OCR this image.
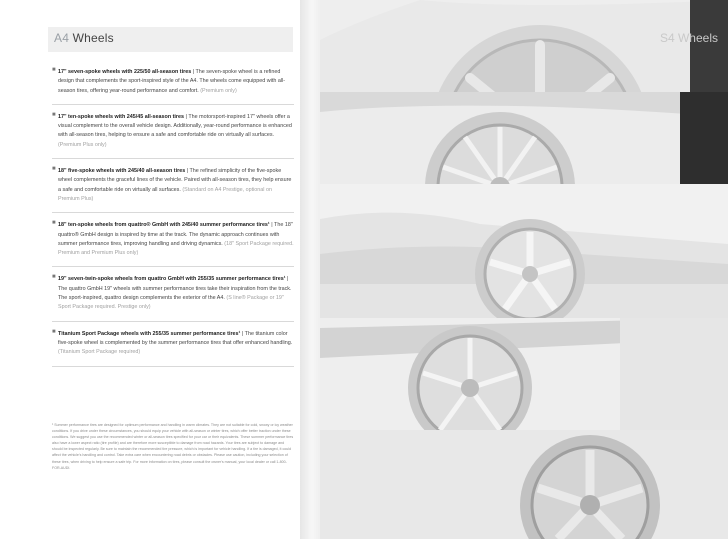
A4 Wheels
■ 17" seven-spoke wheels with 225/50 all-season tires | The seven-spoke wheel is a refined design that complements the sport-inspired style of the A4. The wheels come equipped with all-season tires, offering year-round performance and comfort. (Premium only)

■ 17" ten-spoke wheels with 245/45 all-season tires | The motorsport-inspired 17" wheels offer a visual complement to the overall vehicle design. Additionally, year-round performance is enhanced with all-season tires, helping to ensure a safe and comfortable ride on virtually all surfaces. (Premium Plus only)

■ 18" five-spoke wheels with 245/40 all-season tires | The refined simplicity of the five-spoke wheel complements the graceful lines of the vehicle. Paired with all-season tires, they help ensure a safe and comfortable ride on virtually all surfaces. (Standard on A4 Prestige, optional on Premium Plus)

■ 18" ten-spoke wheels from quattro® GmbH with 245/40 summer performance tires¹ | The 18" quattro® GmbH design is inspired by time at the track. The dynamic approach continues with summer performance tires, improving handling and driving dynamics. (18" Sport Package required. Premium and Premium Plus only)

■ 19" seven-twin-spoke wheels from quattro GmbH with 255/35 summer performance tires¹ | The quattro GmbH 19" wheels with summer performance tires take their inspiration from the track. The sport-inspired, quattro design complements the exterior of the A4. (S line® Package or 19" Sport Package required. Prestige only)

■ Titanium Sport Package wheels with 255/35 summer performance tires¹ | The titanium color five-spoke wheel is complemented by the summer performance tires that offer enhanced handling. (Titanium Sport Package required)

¹ Summer performance tires are designed for optimum performance and handling in warm climates. They are not suitable for cold, snowy or icy weather conditions. If you drive under these circumstances, you should equip your vehicle with all-season or winter tires, which offer better traction under these conditions. We suggest you use the recommended winter or all-season tires specified for your car or their equivalents. These summer performance tires also have a lower aspect ratio (tire profile) and are therefore more susceptible to damage from road hazards. Your tires are subject to damage and should be inspected regularly. Be sure to maintain the recommended tire pressure, which is important for vehicle handling. If a tire is damaged, it could affect the vehicle's handling and control. Take extra care when encountering road debris or obstacles. Please use caution, including your selection of these tires, when driving to help ensure a safe trip. For more information on tires, please consult the owner's manual, your local dealer or call 1-800-FOR-AUDI.

S4 Wheels
